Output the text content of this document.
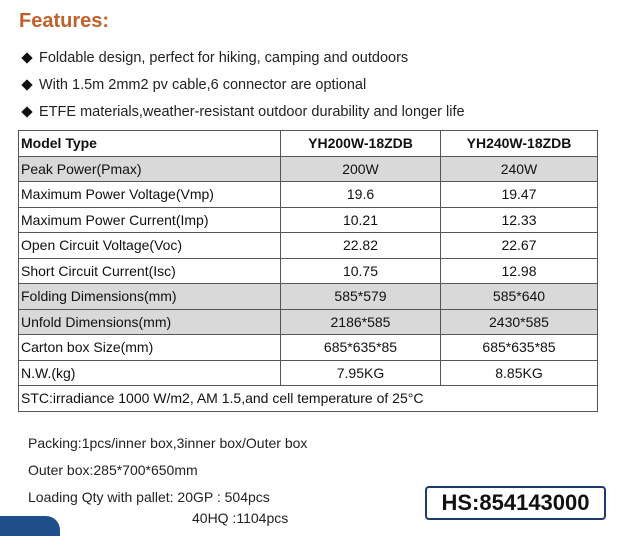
Features:
Foldable design, perfect for hiking, camping and outdoors
With 1.5m 2mm2 pv cable,6 connector are optional
ETFE materials,weather-resistant outdoor durability and longer life
Model Type	YH200W-18ZDB	YH240W-18ZDB
Peak Power(Pmax)	200W	240W
Maximum Power Voltage(Vmp)	19.6	19.47
Maximum Power Current(Imp)	10.21	12.33
Open Circuit Voltage(Voc)	22.82	22.67
Short Circuit Current(Isc)	10.75	12.98
Folding Dimensions(mm)	585*579	585*640
Unfold Dimensions(mm)	2186*585	2430*585
Carton box Size(mm)	685*635*85	685*635*85
N.W.(kg)	7.95KG	8.85KG
STC:irradiance 1000 W/m2, AM 1.5,and cell temperature of 25°C		
Packing:1pcs/inner box,3inner box/Outer box
Outer box:285*700*650mm
Loading Qty with pallet: 20GP : 504pcs
40HQ :1104pcs
HS:854143000
